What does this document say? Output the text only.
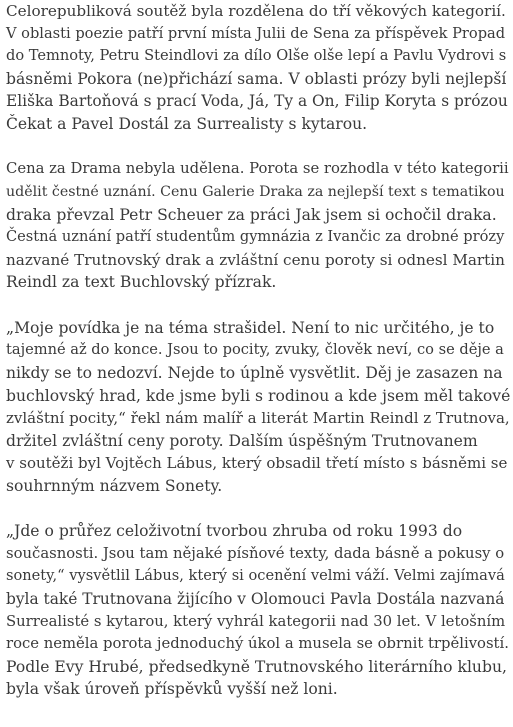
Celorepubliková soutěž byla rozdělena do tří věkových kategorií.
V oblasti poezie patří první místa Julii de Sena za příspěvek Propad
do Temnoty, Petru Steindlovi za dílo Olše olše lepí a Pavlu Vydrovi s
básněmi Pokora (ne)přichází sama. V oblasti prózy byli nejlepší
Eliška Bartoňová s prací Voda, Já, Ty a On, Filip Koryta s prózou
Čekat a Pavel Dostál za Surrealisty s kytarou.

Cena za Drama nebyla udělena. Porota se rozhodla v této kategorii
udělit čestné uznání. Cenu Galerie Draka za nejlepší text s tematikou
draka převzal Petr Scheuer za práci Jak jsem si ochočil draka.
Čestná uznání patří studentům gymnázia z Ivančic za drobné prózy
nazvané Trutnovský drak a zvláštní cenu poroty si odnesl Martin
Reindl za text Buchlovský přízrak.

„Moje povídka je na téma strašidel. Není to nic určitého, je to
tajemné až do konce. Jsou to pocity, zvuky, člověk neví, co se děje a
nikdy se to nedozví. Nejde to úplně vysvětlit. Děj je zasazen na
buchlovský hrad, kde jsme byli s rodinou a kde jsem měl takové
zvláštní pocity,“ řekl nám malíř a literát Martin Reindl z Trutnova,
držitel zvláštní ceny poroty. Dalším úspěšným Trutnovanem
v soutěži byl Vojtěch Lábus, který obsadil třetí místo s básněmi se
souhrnným názvem Sonety.

„Jde o průřez celoživotní tvorbou zhruba od roku 1993 do
současnosti. Jsou tam nějaké písňové texty, dada básně a pokusy o
sonety,“ vysvětlil Lábus, který si ocenění velmi váží. Velmi zajímavá
byla také Trutnovana žijícího v Olomouci Pavla Dostála nazvaná
Surrealisté s kytarou, který vyhrál kategorii nad 30 let. V letošním
roce neměla porota jednoduchý úkol a musela se obrnit trpělivostí.
Podle Evy Hrubé, předsedkyně Trutnovského literárního klubu,
byla však úroveň příspěvků vyšší než loni.
